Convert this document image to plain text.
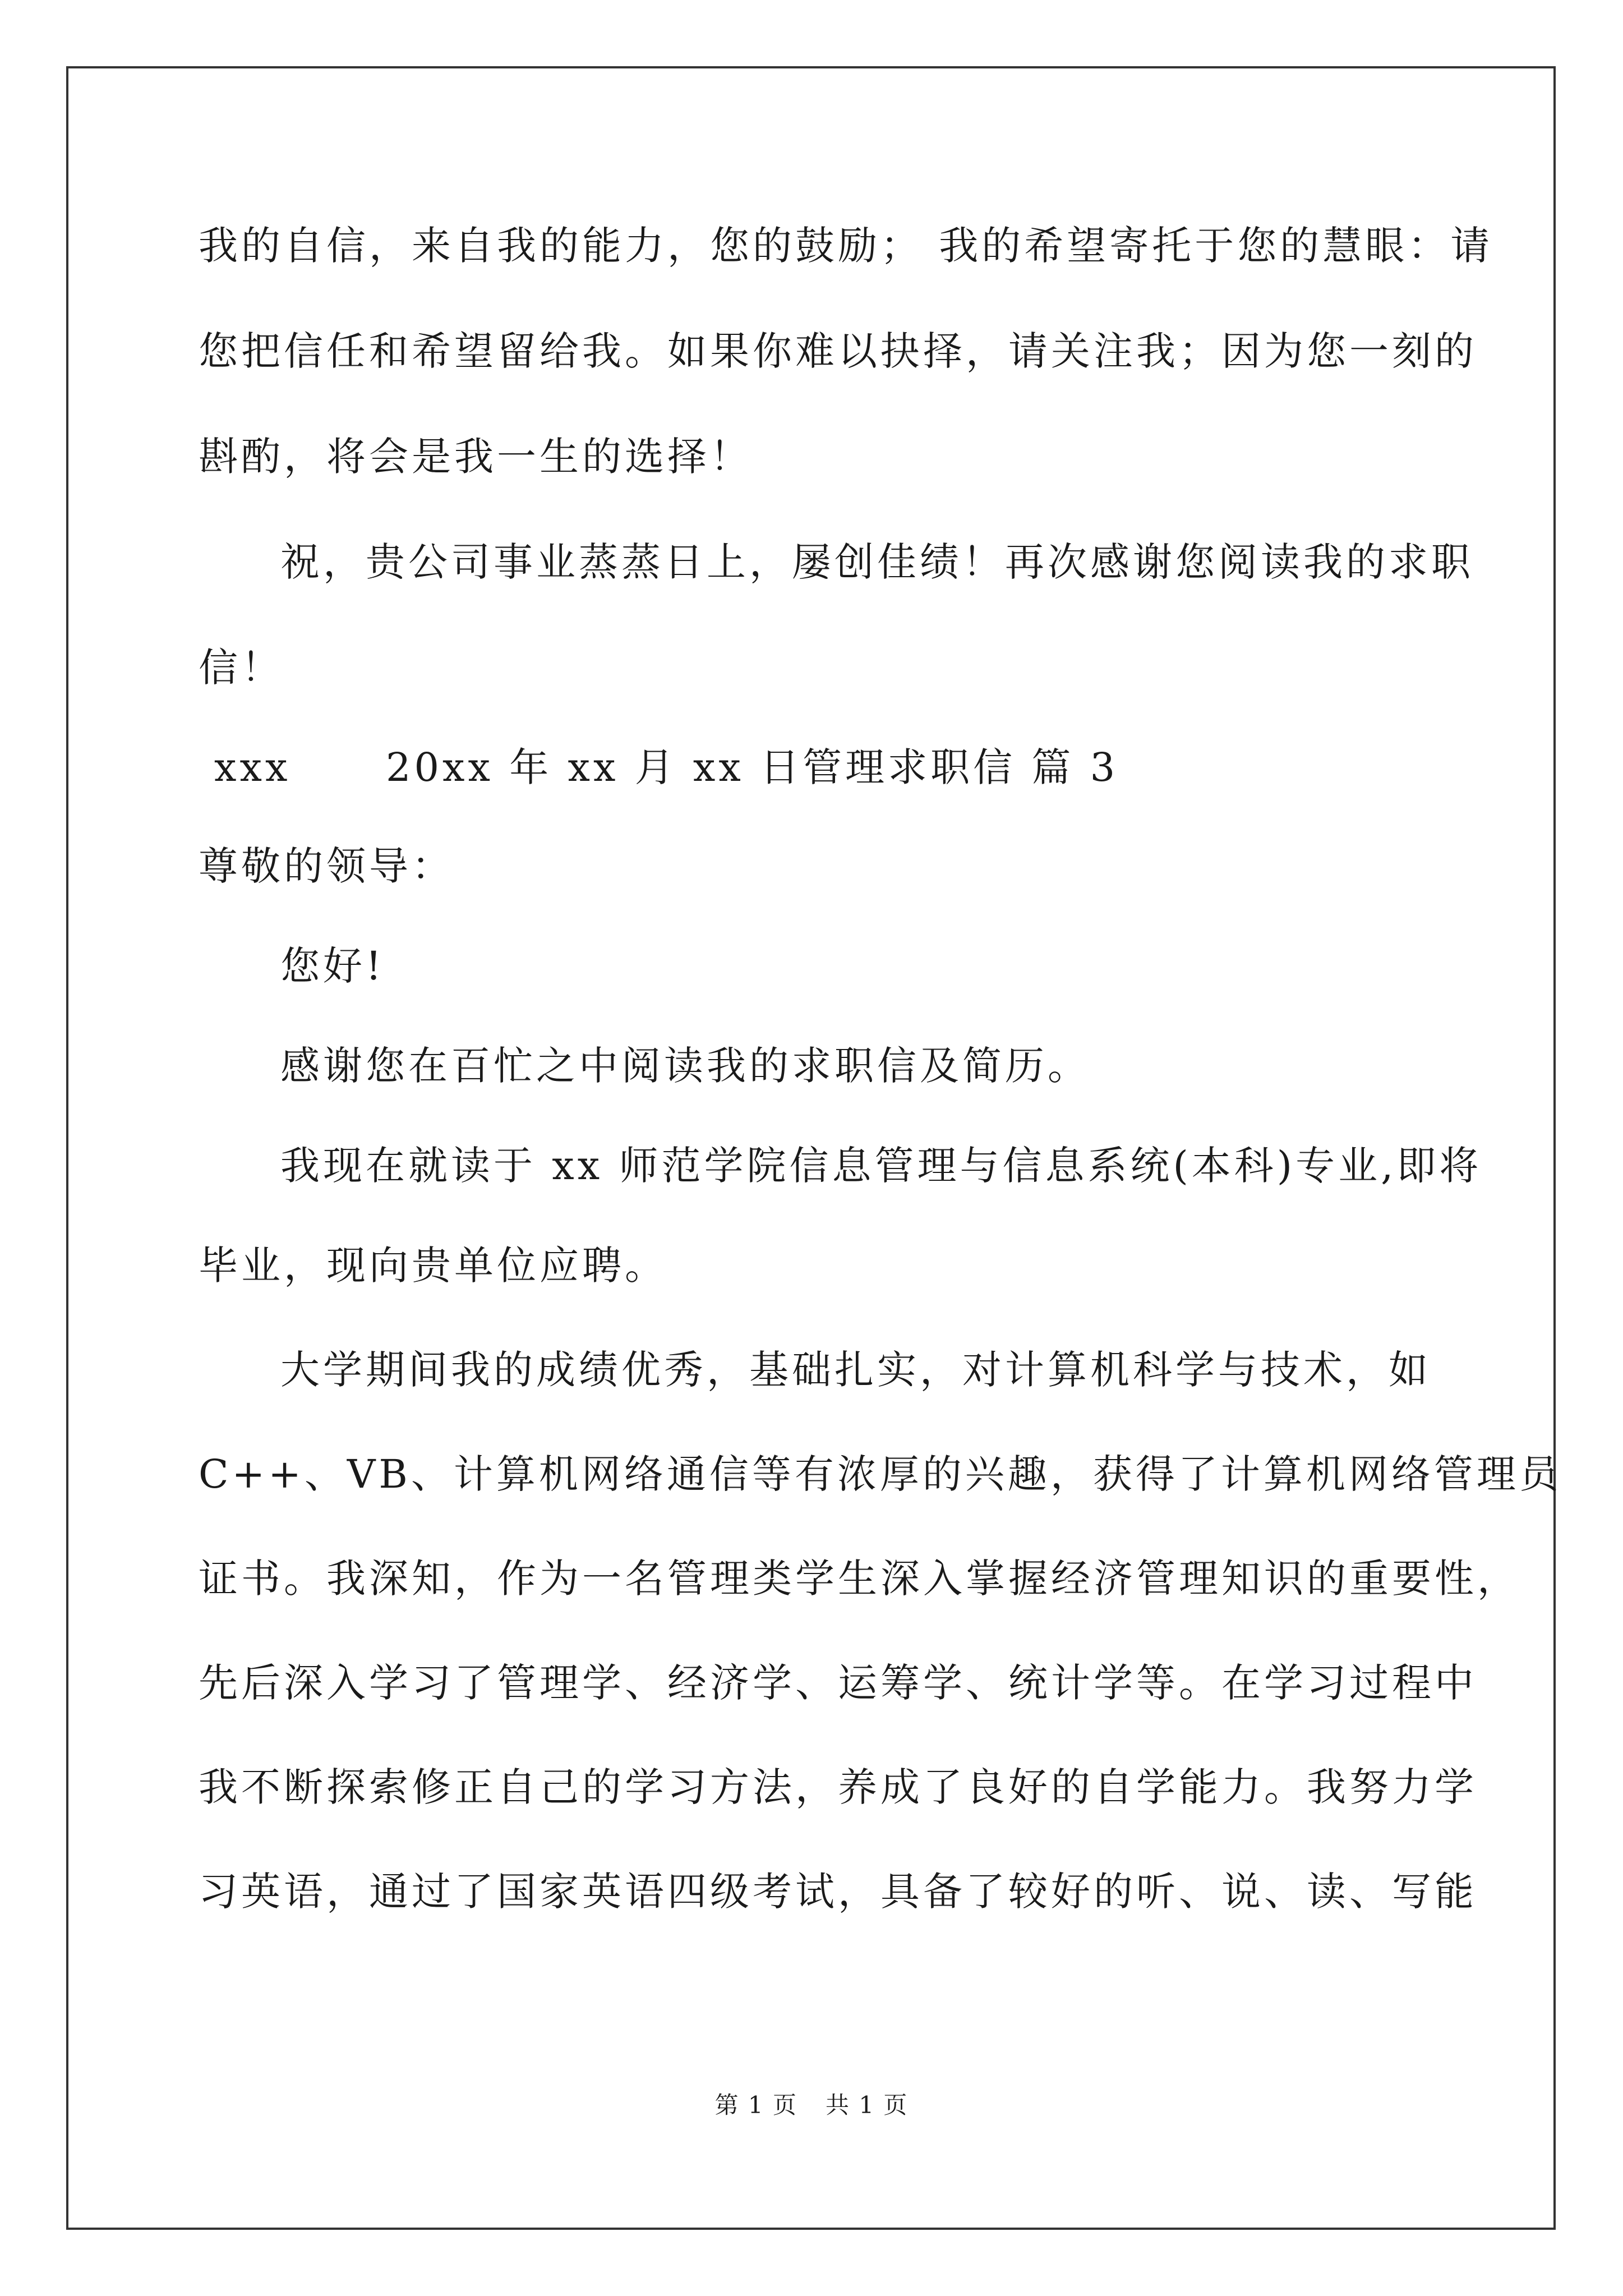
我的自信，来自我的能力，您的鼓励； 我的希望寄托于您的慧眼：请
您把信任和希望留给我。如果你难以抉择，请关注我；因为您一刻的
斟酌，将会是我一生的选择！
祝，贵公司事业蒸蒸日上，屡创佳绩！再次感谢您阅读我的求职
信！
xxx      20xx 年 xx 月 xx 日管理求职信 篇 3
尊敬的领导：
您好!
感谢您在百忙之中阅读我的求职信及简历。
我现在就读于 xx 师范学院信息管理与信息系统(本科)专业,即将
毕业，现向贵单位应聘。
大学期间我的成绩优秀，基础扎实，对计算机科学与技术，如
C++、VB、计算机网络通信等有浓厚的兴趣，获得了计算机网络管理员
证书。我深知，作为一名管理类学生深入掌握经济管理知识的重要性，
先后深入学习了管理学、经济学、运筹学、统计学等。在学习过程中
我不断探索修正自己的学习方法，养成了良好的自学能力。我努力学
习英语，通过了国家英语四级考试，具备了较好的听、说、读、写能
第 1 页 共 1 页
